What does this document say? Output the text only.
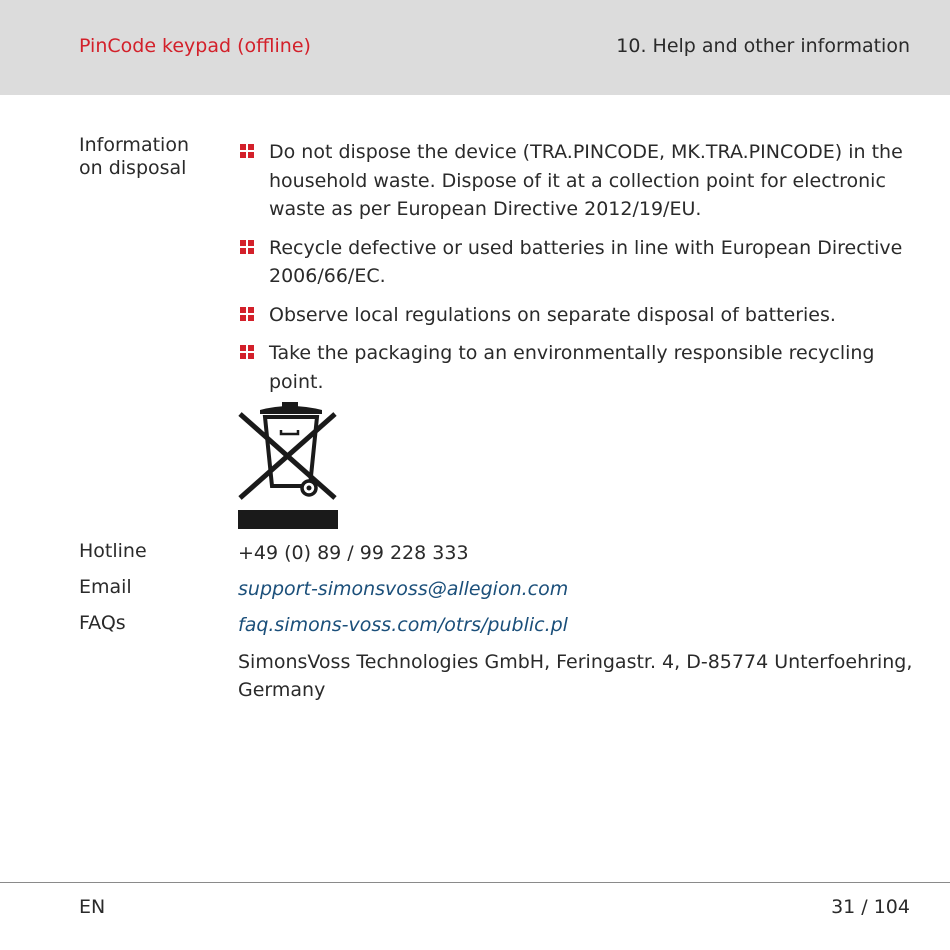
PinCode keypad (offline)	10. Help and other information
Information on disposal
Do not dispose the device (TRA.PINCODE, MK.TRA.PINCODE) in the household waste. Dispose of it at a collection point for electronic waste as per European Directive 2012/19/EU.
Recycle defective or used batteries in line with European Directive 2006/66/EC.
Observe local regulations on separate disposal of batteries.
Take the packaging to an environmentally responsible recycling point.
Hotline	+49 (0) 89 / 99 228 333
Email	support-simonsvoss@allegion.com
FAQs	faq.simons-voss.com/otrs/public.pl
SimonsVoss Technologies GmbH, Feringastr. 4, D-85774 Unterfoehring, Germany
EN	31 / 104
